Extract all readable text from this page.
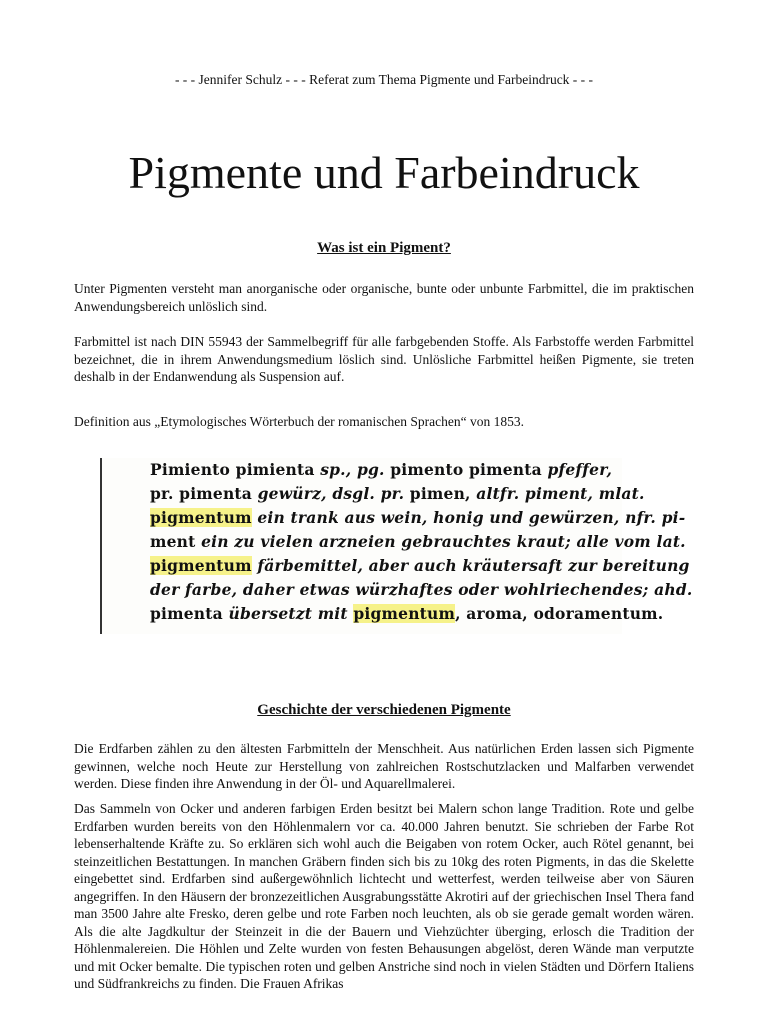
- - - Jennifer Schulz - - - Referat zum Thema Pigmente und Farbeindruck - - -
Pigmente und Farbeindruck
Was ist ein Pigment?

Unter Pigmenten versteht man anorganische oder organische, bunte oder unbunte Farbmittel, die im praktischen Anwendungsbereich unlöslich sind.

Farbmittel ist nach DIN 55943 der Sammelbegriff für alle farbgebenden Stoffe. Als Farbstoffe werden Farbmittel bezeichnet, die in ihrem Anwendungsmedium löslich sind. Unlösliche Farbmittel heißen Pigmente, sie treten deshalb in der Endanwendung als Suspension auf.

Definition aus „Etymologisches Wörterbuch der romanischen Sprachen“ von 1853.

Pimiento pimienta sp., pg. pimento pimenta pfeffer,
pr. pimenta gewürz, dsgl. pr. pimen, altfr. piment, mlat.
pigmentum ein trank aus wein, honig und gewürzen, nfr. pi-
ment ein zu vielen arzneien gebrauchtes kraut; alle vom lat.
pigmentum färbemittel, aber auch kräutersaft zur bereitung
der farbe, daher etwas würzhaftes oder wohlriechendes; ahd.
pimenta übersetzt mit pigmentum, aroma, odoramentum.
Geschichte der verschiedenen Pigmente

Die Erdfarben zählen zu den ältesten Farbmitteln der Menschheit. Aus natürlichen Erden lassen sich Pigmente gewinnen, welche noch Heute zur Herstellung von zahlreichen Rostschutzlacken und Malfarben verwendet werden. Diese finden ihre Anwendung in der Öl- und Aquarellmalerei.

Das Sammeln von Ocker und anderen farbigen Erden besitzt bei Malern schon lange Tradition. Rote und gelbe Erdfarben wurden bereits von den Höhlenmalern vor ca. 40.000 Jahren benutzt. Sie schrieben der Farbe Rot lebenserhaltende Kräfte zu. So erklären sich wohl auch die Beigaben von rotem Ocker, auch Rötel genannt, bei steinzeitlichen Bestattungen. In manchen Gräbern finden sich bis zu 10kg des roten Pigments, in das die Skelette eingebettet sind. Erdfarben sind außergewöhnlich lichtecht und wetterfest, werden teilweise aber von Säuren angegriffen. In den Häusern der bronzezeitlichen Ausgrabungsstätte Akrotiri auf der griechischen Insel Thera fand man 3500 Jahre alte Fresko, deren gelbe und rote Farben noch leuchten, als ob sie gerade gemalt worden wären. Als die alte Jagdkultur der Steinzeit in die der Bauern und Viehzüchter überging, erlosch die Tradition der Höhlenmalereien. Die Höhlen und Zelte wurden von festen Behausungen abgelöst, deren Wände man verputzte und mit Ocker bemalte. Die typischen roten und gelben Anstriche sind noch in vielen Städten und Dörfern Italiens und Südfrankreichs zu finden. Die Frauen Afrikas
